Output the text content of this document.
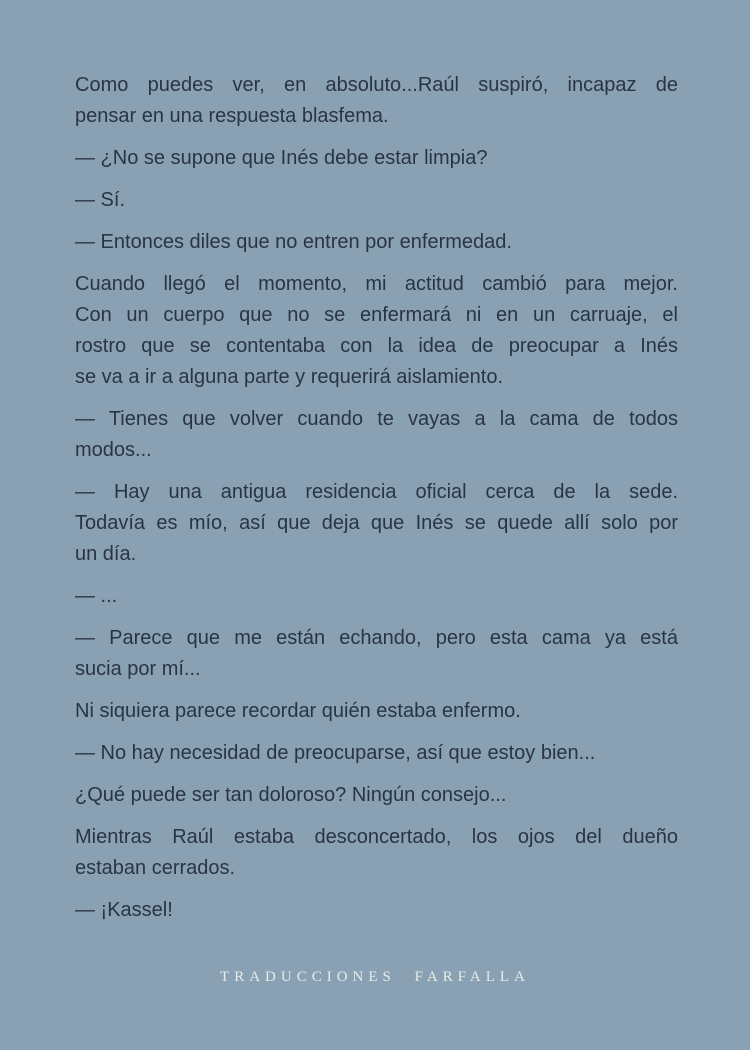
Como puedes ver, en absoluto...Raúl suspiró, incapaz de
pensar en una respuesta blasfema.
— ¿No se supone que Inés debe estar limpia?
— Sí.
— Entonces diles que no entren por enfermedad.
Cuando llegó el momento, mi actitud cambió para mejor.
Con un cuerpo que no se enfermará ni en un carruaje, el
rostro que se contentaba con la idea de preocupar a Inés
se va a ir a alguna parte y requerirá aislamiento.
— Tienes que volver cuando te vayas a la cama de todos
modos...
— Hay una antigua residencia oficial cerca de la sede.
Todavía es mío, así que deja que Inés se quede allí solo por
un día.
— ...
— Parece que me están echando, pero esta cama ya está
sucia por mí...
Ni siquiera parece recordar quién estaba enfermo.
— No hay necesidad de preocuparse, así que estoy bien...
¿Qué puede ser tan doloroso? Ningún consejo...
Mientras Raúl estaba desconcertado, los ojos del dueño
estaban cerrados.
— ¡Kassel!
TRADUCCIONES FARFALLA
